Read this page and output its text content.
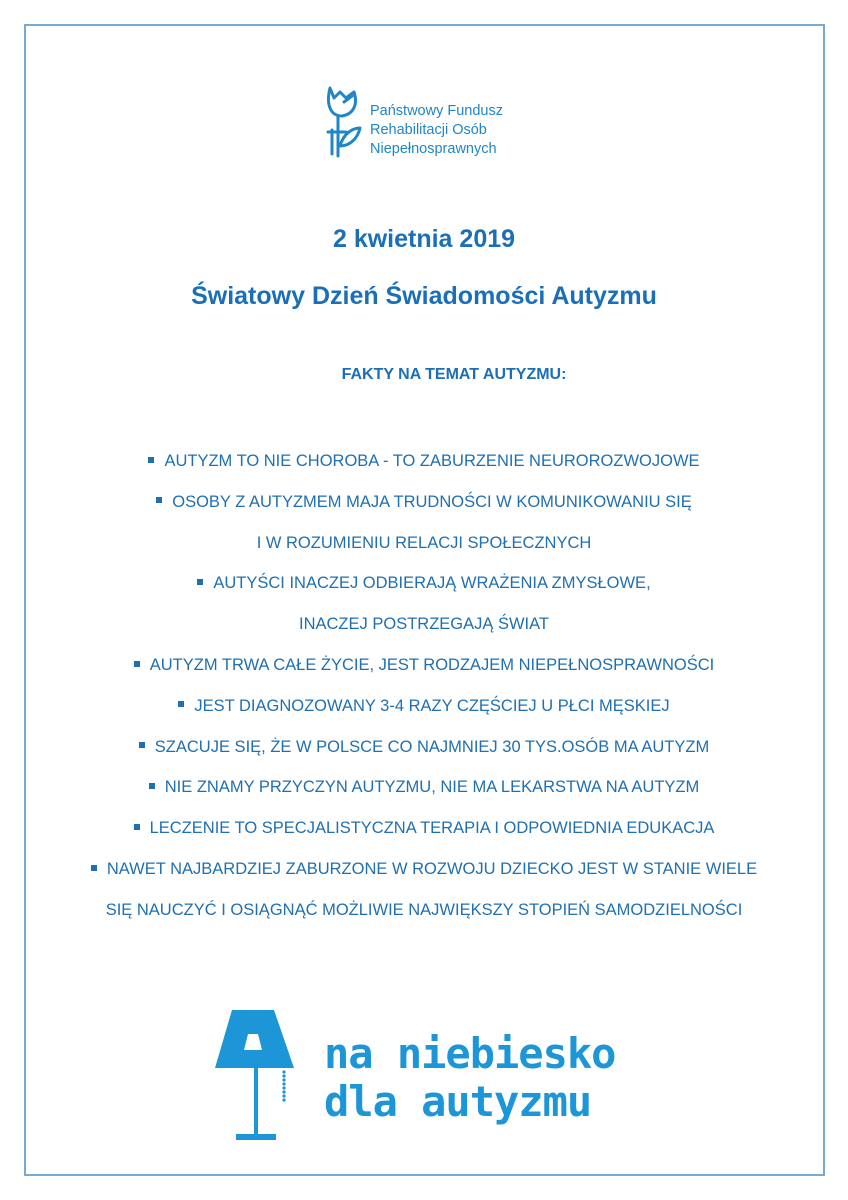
Państwowy Fundusz
Rehabilitacji Osób
Niepełnosprawnych
2 kwietnia 2019
Światowy Dzień Świadomości Autyzmu
FAKTY NA TEMAT AUTYZMU:
AUTYZM TO NIE CHOROBA - TO ZABURZENIE NEUROROZWOJOWE
OSOBY Z AUTYZMEM MAJA TRUDNOŚCI W KOMUNIKOWANIU SIĘ
I W ROZUMIENIU RELACJI SPOŁECZNYCH
AUTYŚCI INACZEJ ODBIERAJĄ WRAŻENIA ZMYSŁOWE,
INACZEJ POSTRZEGAJĄ ŚWIAT
AUTYZM TRWA CAŁE ŻYCIE, JEST RODZAJEM NIEPEŁNOSPRAWNOŚCI
JEST DIAGNOZOWANY 3-4 RAZY CZĘŚCIEJ U PŁCI MĘSKIEJ
SZACUJE SIĘ, ŻE W POLSCE CO NAJMNIEJ 30 TYS.OSÓB MA AUTYZM
NIE ZNAMY PRZYCZYN AUTYZMU, NIE MA LEKARSTWA NA AUTYZM
LECZENIE TO SPECJALISTYCZNA TERAPIA I ODPOWIEDNIA EDUKACJA
NAWET NAJBARDZIEJ ZABURZONE W ROZWOJU DZIECKO JEST W STANIE WIELE
SIĘ NAUCZYĆ I OSIĄGNĄĆ MOŻLIWIE NAJWIĘKSZY STOPIEŃ SAMODZIELNOŚCI
na niebiesko
dla autyzmu
